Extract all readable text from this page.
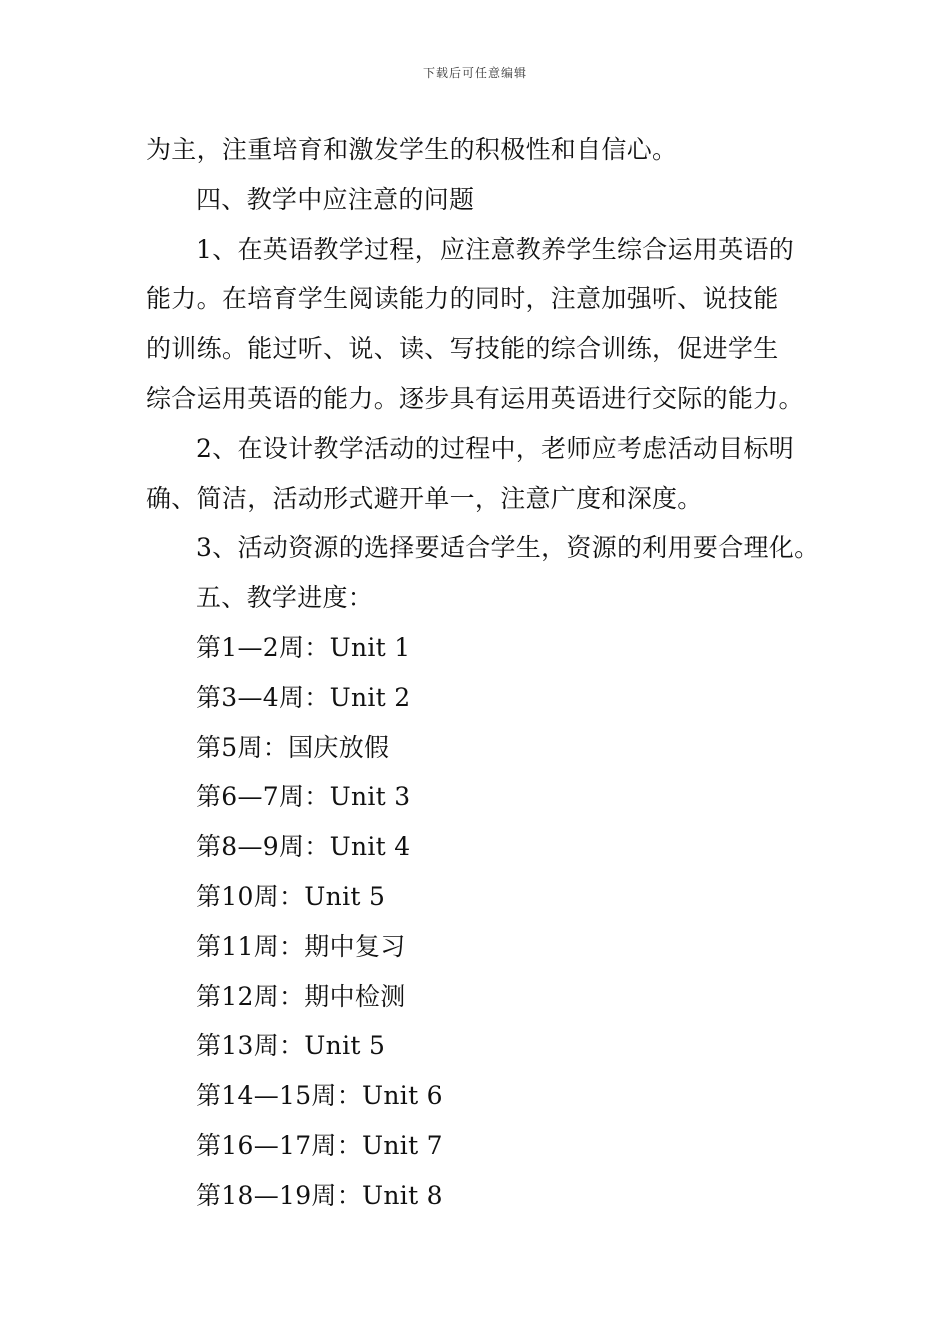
下载后可任意编辑

为主，注重培育和激发学生的积极性和自信心。

四、教学中应注意的问题

1、在英语教学过程，应注意教养学生综合运用英语的

能力。在培育学生阅读能力的同时，注意加强听、说技能

的训练。能过听、说、读、写技能的综合训练，促进学生

综合运用英语的能力。逐步具有运用英语进行交际的能力。

2、在设计教学活动的过程中，老师应考虑活动目标明

确、简洁，活动形式避开单一，注意广度和深度。

3、活动资源的选择要适合学生，资源的利用要合理化。

五、教学进度：

第1—2周：Unit 1

第3—4周：Unit 2

第5周：国庆放假

第6—7周：Unit 3

第8—9周：Unit 4

第10周：Unit 5

第11周：期中复习

第12周：期中检测

第13周：Unit 5

第14—15周：Unit 6

第16—17周：Unit 7

第18—19周：Unit 8
